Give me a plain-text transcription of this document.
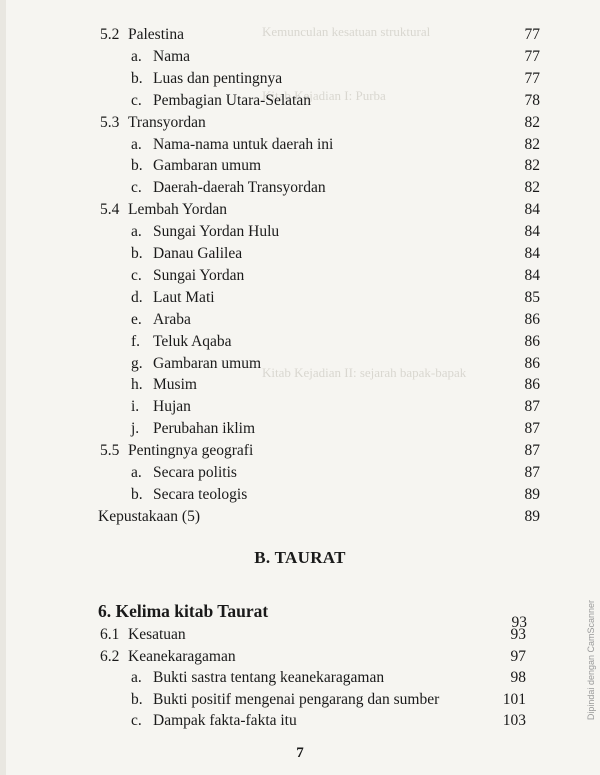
Kemunculan kesatuan struktural
Kitab Kejadian I: Purba
Kitab Kejadian II: sejarah bapak-bapak
5.2 Palestina	77
a. Nama	77
b. Luas dan pentingnya	77
c. Pembagian Utara-Selatan	78
5.3 Transyordan	82
a. Nama-nama untuk daerah ini	82
b. Gambaran umum	82
c. Daerah-daerah Transyordan	82
5.4 Lembah Yordan	84
a. Sungai Yordan Hulu	84
b. Danau Galilea	84
c. Sungai Yordan	84
d. Laut Mati	85
e. Araba	86
f. Teluk Aqaba	86
g. Gambaran umum	86
h. Musim	86
i. Hujan	87
j. Perubahan iklim	87
5.5 Pentingnya geografi	87
a. Secara politis	87
b. Secara teologis	89
Kepustakaan (5)	89
B. TAURAT
6. Kelima kitab Taurat
93
6.1 Kesatuan	93
6.2 Keanekaragaman	97
a. Bukti sastra tentang keanekaragaman	98
b. Bukti positif mengenai pengarang dan sumber	101
c. Dampak fakta-fakta itu	103
7
Dipindai dengan CamScanner
